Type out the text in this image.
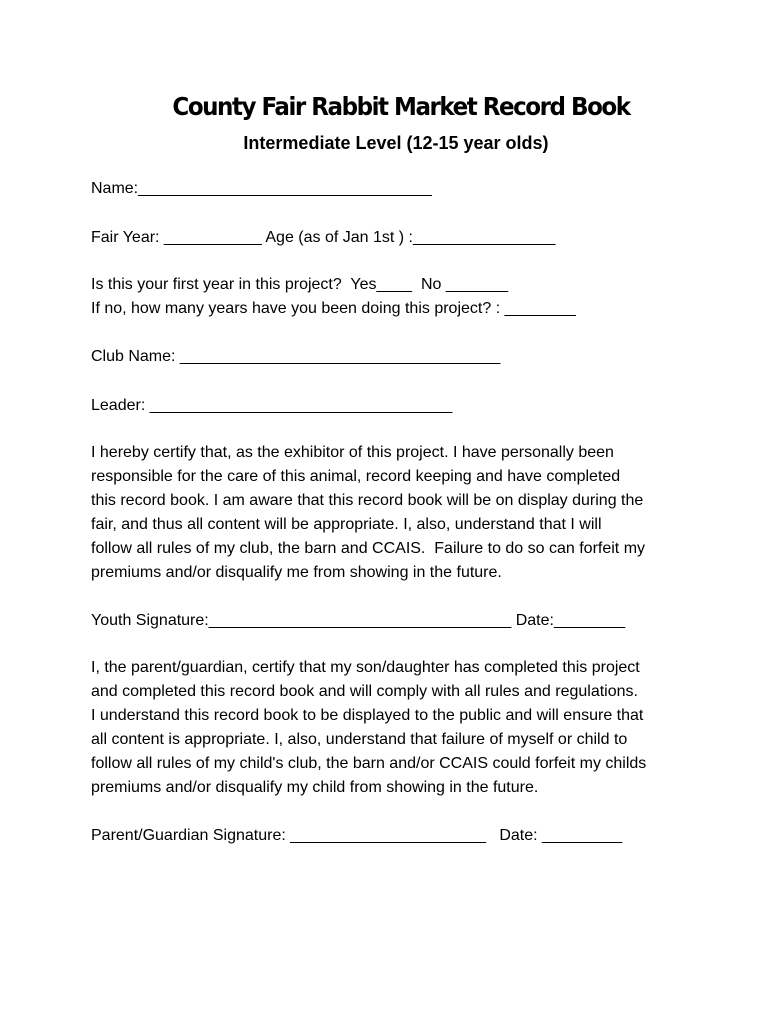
County Fair Rabbit Market Record Book
Intermediate Level (12-15 year olds)

Name:_________________________________

Fair Year: ___________ Age (as of Jan 1st ) :________________

Is this your first year in this project?  Yes____  No _______

If no, how many years have you been doing this project? : ________

Club Name: ____________________________________

Leader: __________________________________

I hereby certify that, as the exhibitor of this project. I have personally been
responsible for the care of this animal, record keeping and have completed
this record book. I am aware that this record book will be on display during the
fair, and thus all content will be appropriate. I, also, understand that I will
follow all rules of my club, the barn and CCAIS.  Failure to do so can forfeit my
premiums and/or disqualify me from showing in the future.

Youth Signature:__________________________________ Date:________

I, the parent/guardian, certify that my son/daughter has completed this project
and completed this record book and will comply with all rules and regulations.
I understand this record book to be displayed to the public and will ensure that
all content is appropriate. I, also, understand that failure of myself or child to
follow all rules of my child's club, the barn and/or CCAIS could forfeit my childs
premiums and/or disqualify my child from showing in the future.

Parent/Guardian Signature: ______________________   Date: _________
